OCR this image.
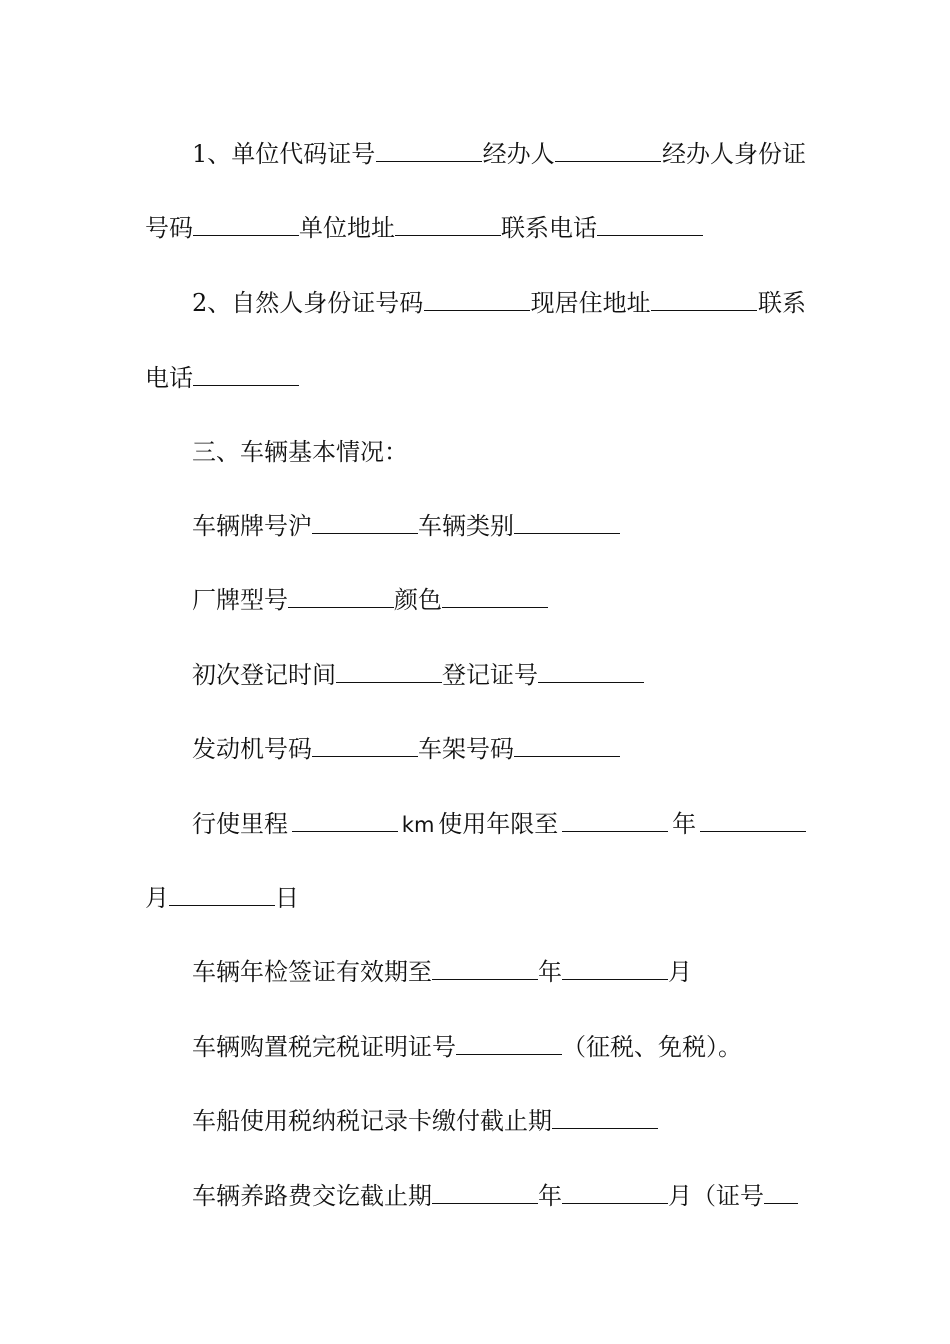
1、单位代码证号	经办人	经办人身份证
号码	单位地址	联系电话
2、自然人身份证号码	现居住地址	联系
电话
三、车辆基本情况：
车辆牌号沪	车辆类别
厂牌型号	颜色
初次登记时间	登记证号
发动机号码	车架号码
行使里程	km 使用年限至	年
月	日
车辆年检签证有效期至	年	月
车辆购置税完税证明证号	（征税、免税）。
车船使用税纳税记录卡缴付截止期
车辆养路费交讫截止期	年	月（证号
